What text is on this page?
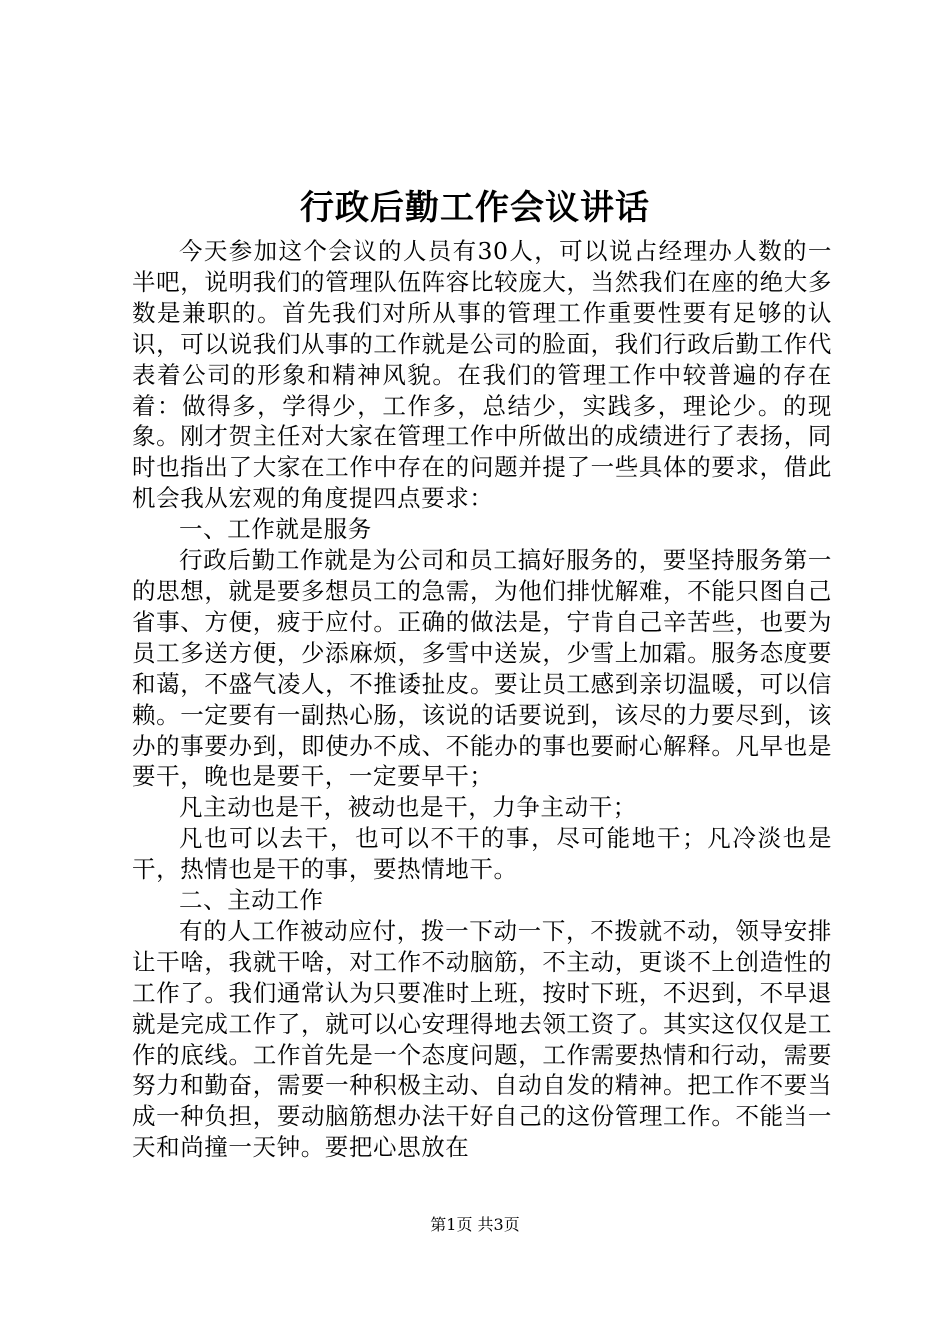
行政后勤工作会议讲话

今天参加这个会议的人员有30人，可以说占经理办人数的一半吧，说明我们的管理队伍阵容比较庞大，当然我们在座的绝大多数是兼职的。首先我们对所从事的管理工作重要性要有足够的认识，可以说我们从事的工作就是公司的脸面，我们行政后勤工作代表着公司的形象和精神风貌。在我们的管理工作中较普遍的存在着：做得多，学得少，工作多，总结少，实践多，理论少。的现象。刚才贺主任对大家在管理工作中所做出的成绩进行了表扬，同时也指出了大家在工作中存在的问题并提了一些具体的要求，借此机会我从宏观的角度提四点要求：

一、工作就是服务

行政后勤工作就是为公司和员工搞好服务的，要坚持服务第一的思想，就是要多想员工的急需，为他们排忧解难，不能只图自己省事、方便，疲于应付。正确的做法是，宁肯自己辛苦些，也要为员工多送方便，少添麻烦，多雪中送炭，少雪上加霜。服务态度要和蔼，不盛气凌人，不推诿扯皮。要让员工感到亲切温暖，可以信赖。一定要有一副热心肠，该说的话要说到，该尽的力要尽到，该办的事要办到，即使办不成、不能办的事也要耐心解释。凡早也是要干，晚也是要干，一定要早干；

凡主动也是干，被动也是干，力争主动干；

凡也可以去干，也可以不干的事，尽可能地干；凡冷淡也是干，热情也是干的事，要热情地干。

二、主动工作

有的人工作被动应付，拨一下动一下，不拨就不动，领导安排让干啥，我就干啥，对工作不动脑筋，不主动，更谈不上创造性的工作了。我们通常认为只要准时上班，按时下班，不迟到，不早退就是完成工作了，就可以心安理得地去领工资了。其实这仅仅是工作的底线。工作首先是一个态度问题，工作需要热情和行动，需要努力和勤奋，需要一种积极主动、自动自发的精神。把工作不要当成一种负担，要动脑筋想办法干好自己的这份管理工作。不能当一天和尚撞一天钟。要把心思放在

第1页 共3页
